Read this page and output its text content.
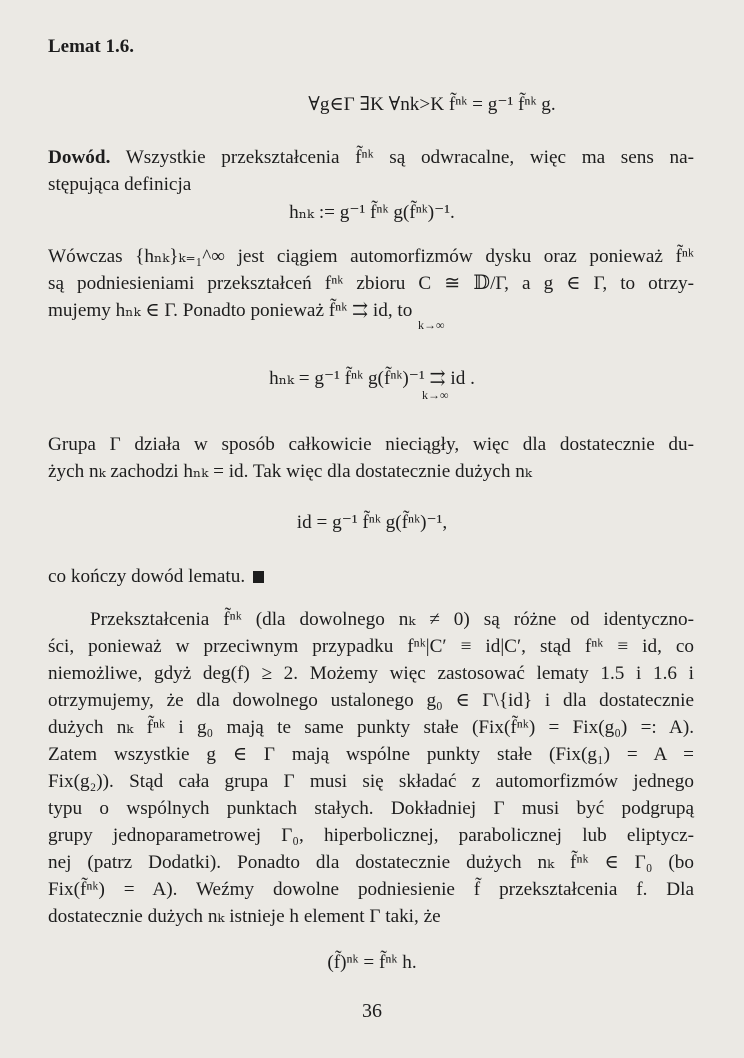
Lemat 1.6.
∀g∈Γ ∃K ∀nk>K f̃ⁿᵏ = g⁻¹ f̃ⁿᵏ g.
Dowód. Wszystkie przekształcenia f̃ⁿᵏ są odwracalne, więc ma sens na-
stępująca definicja
hₙₖ := g⁻¹ f̃ⁿᵏ g(f̃ⁿᵏ)⁻¹.
Wówczas {hₙₖ}ₖ₌₁^∞ jest ciągiem automorfizmów dysku oraz ponieważ f̃ⁿᵏ
są podniesieniami przekształceń fⁿᵏ zbioru C ≅ 𝔻/Γ, a g ∈ Γ, to otrzy-
mujemy hₙₖ ∈ Γ. Ponadto ponieważ f̃ⁿᵏ ⇉ id, to
k→∞
hₙₖ = g⁻¹ f̃ⁿᵏ g(f̃ⁿᵏ)⁻¹ ⇉ id .
k→∞
Grupa Γ działa w sposób całkowicie nieciągły, więc dla dostatecznie du-
żych nₖ zachodzi hₙₖ = id. Tak więc dla dostatecznie dużych nₖ
id = g⁻¹ f̃ⁿᵏ g(f̃ⁿᵏ)⁻¹,
co kończy dowód lematu.
Przekształcenia f̃ⁿᵏ (dla dowolnego nₖ ≠ 0) są różne od identyczno-
ści, ponieważ w przeciwnym przypadku fⁿᵏ|C′ ≡ id|C′, stąd fⁿᵏ ≡ id, co
niemożliwe, gdyż deg(f) ≥ 2. Możemy więc zastosować lematy 1.5 i 1.6 i
otrzymujemy, że dla dowolnego ustalonego g₀ ∈ Γ\{id} i dla dostatecznie
dużych nₖ f̃ⁿᵏ i g₀ mają te same punkty stałe (Fix(f̃ⁿᵏ) = Fix(g₀) =: A).
Zatem wszystkie g ∈ Γ mają wspólne punkty stałe (Fix(g₁) = A =
Fix(g₂)). Stąd cała grupa Γ musi się składać z automorfizmów jednego
typu o wspólnych punktach stałych. Dokładniej Γ musi być podgrupą
grupy jednoparametrowej Γ₀, hiperbolicznej, parabolicznej lub eliptycz-
nej (patrz Dodatki). Ponadto dla dostatecznie dużych nₖ f̃ⁿᵏ ∈ Γ₀ (bo
Fix(f̃ⁿᵏ) = A). Weźmy dowolne podniesienie f̃ przekształcenia f. Dla
dostatecznie dużych nₖ istnieje h element Γ taki, że
(f̃)ⁿᵏ = f̃ⁿᵏ h.
36
